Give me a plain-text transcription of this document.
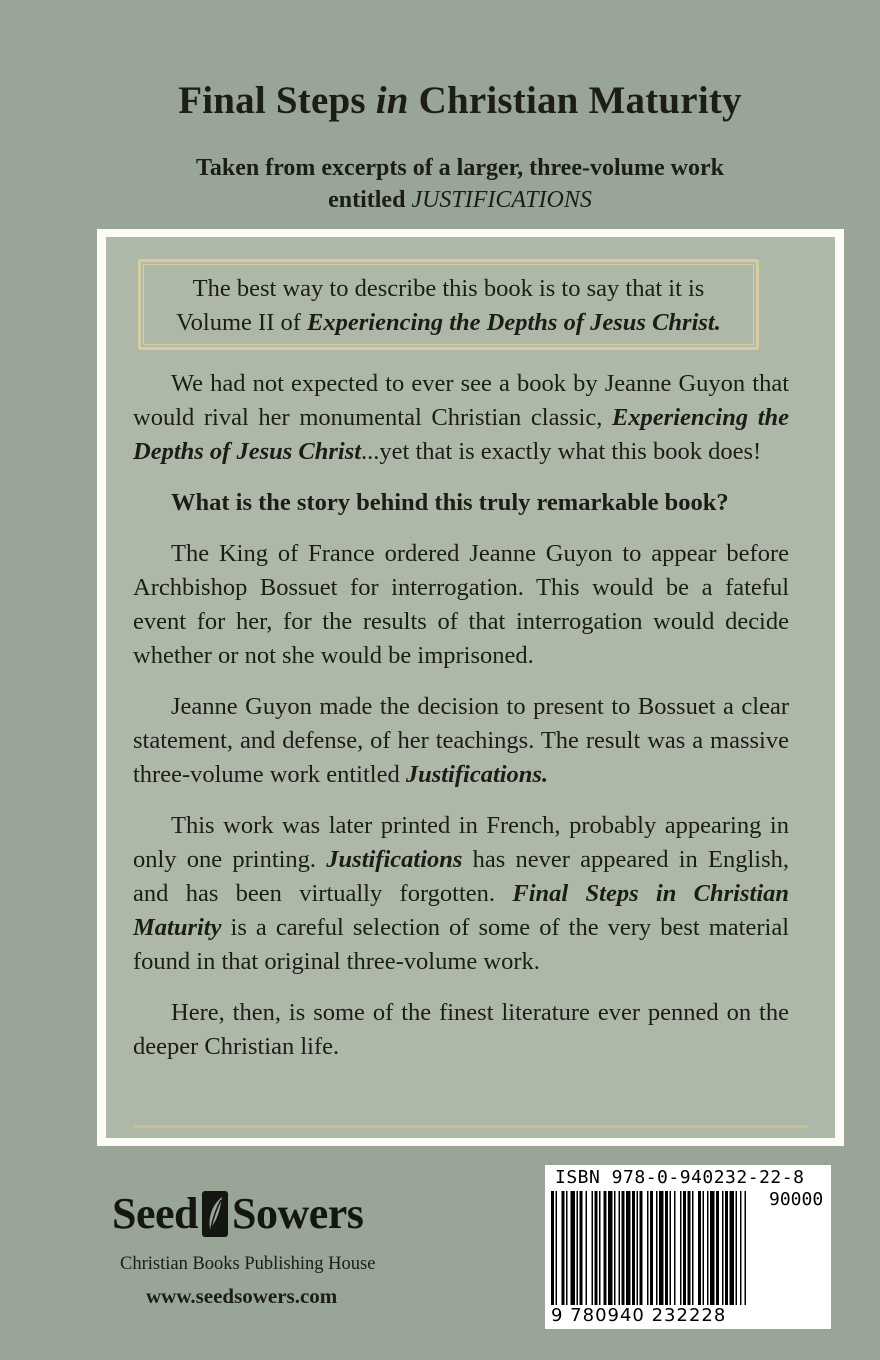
Final Steps in Christian Maturity
Taken from excerpts of a larger, three-volume work
entitled JUSTIFICATIONS
The best way to describe this book is to say that it is
Volume II of Experiencing the Depths of Jesus Christ.

We had not expected to ever see a book by Jeanne Guyon that would rival her monumental Christian classic, Experiencing the Depths of Jesus Christ...yet that is exactly what this book does!

What is the story behind this truly remarkable book?

The King of France ordered Jeanne Guyon to appear before Archbishop Bossuet for interrogation. This would be a fateful event for her, for the results of that interrogation would decide whether or not she would be imprisoned.

Jeanne Guyon made the decision to present to Bossuet a clear statement, and defense, of her teachings. The result was a massive three-volume work entitled Justifications.

This work was later printed in French, probably appearing in only one printing. Justifications has never appeared in English, and has been virtually forgotten. Final Steps in Christian Maturity is a careful selection of some of the very best material found in that original three-volume work.

Here, then, is some of the finest literature ever penned on the deeper Christian life.

Seed Sowers
Christian Books Publishing House
www.seedsowers.com
ISBN 978-0-940232-22-8
90000
9 780940 232228
